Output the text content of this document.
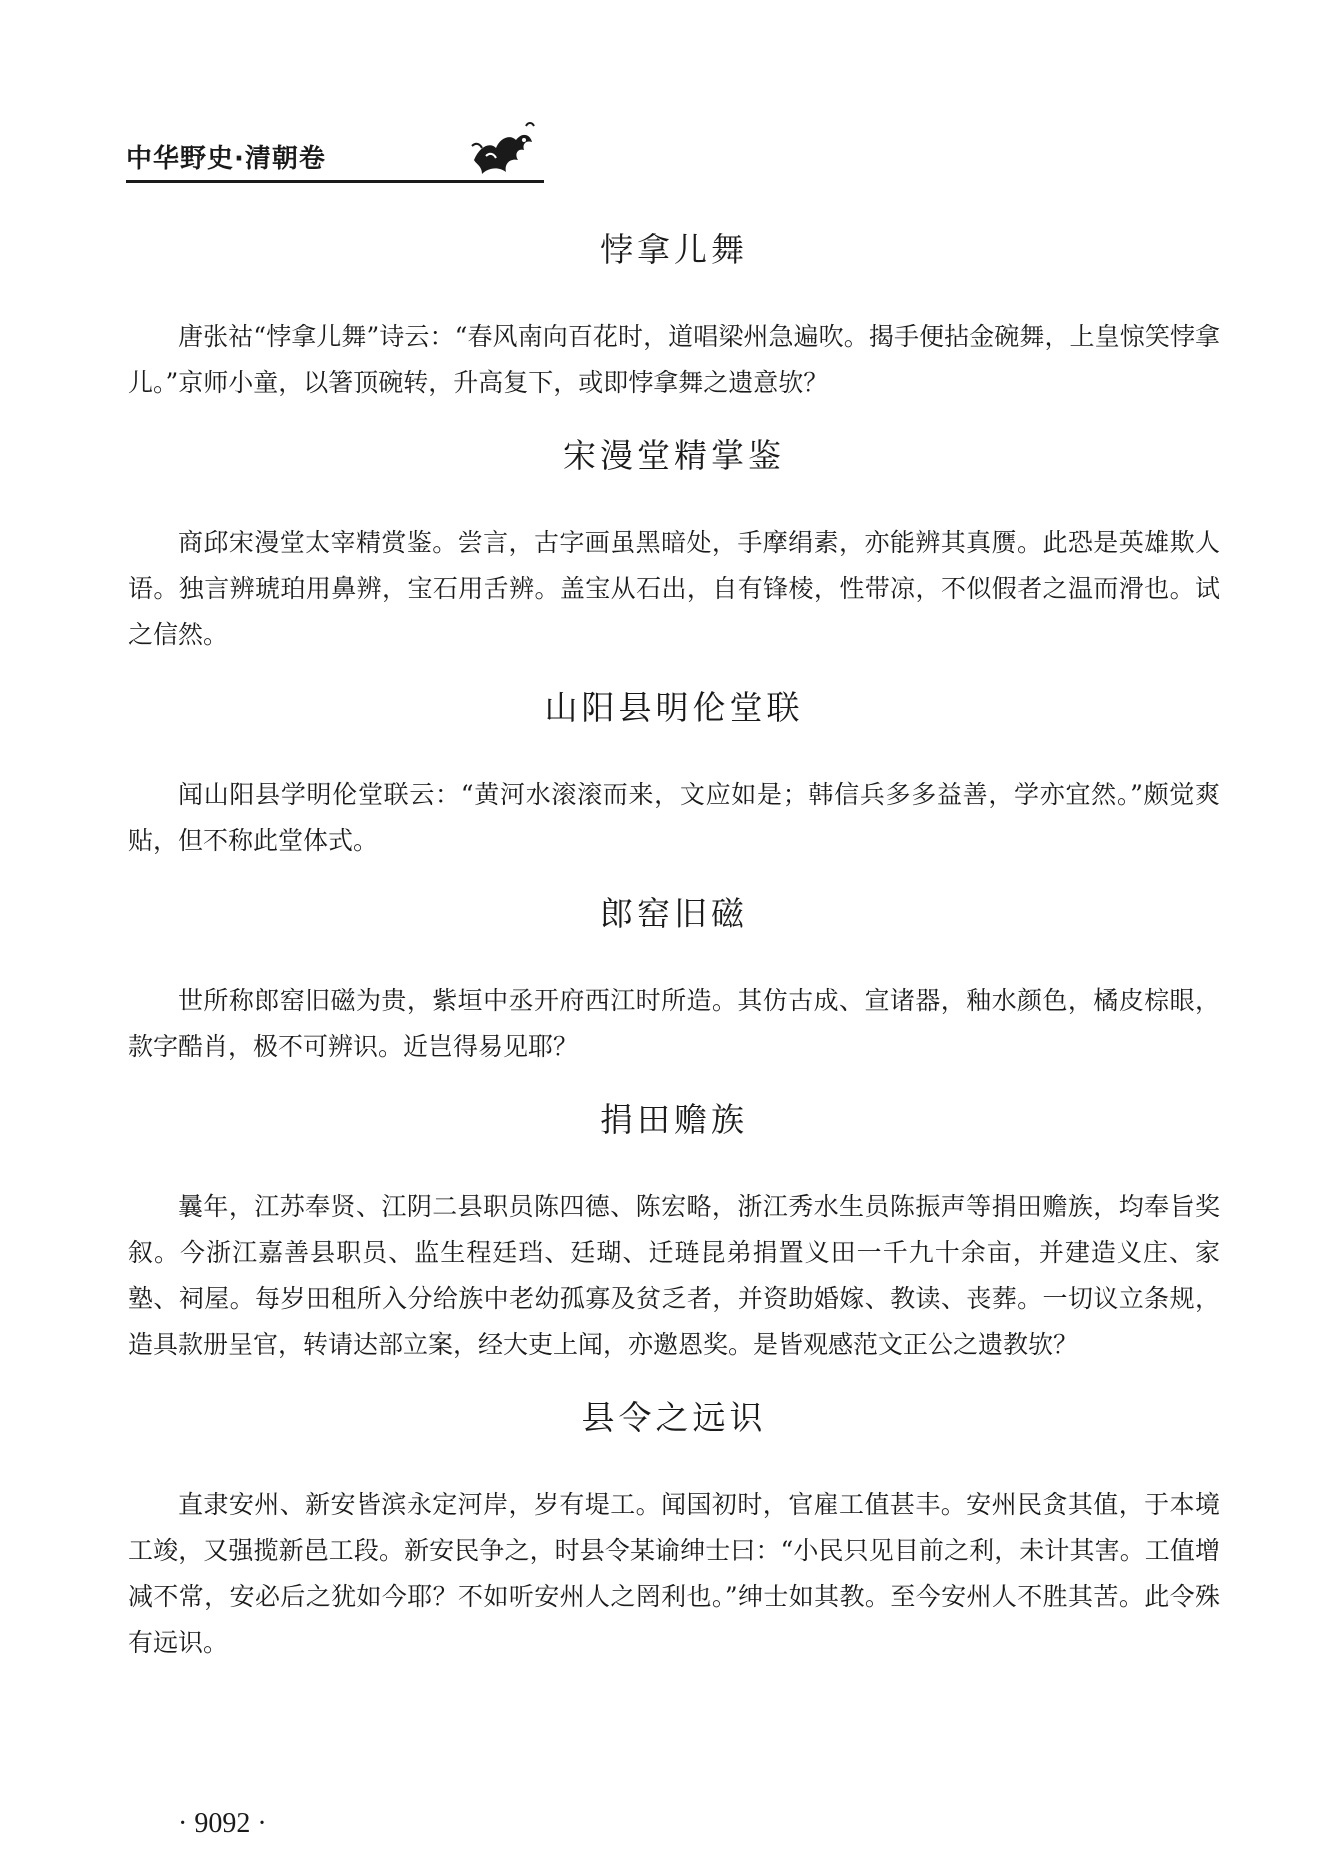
中华野史·清朝卷
悖拿儿舞

唐张祜“悖拿儿舞”诗云：“春风南向百花时，道唱梁州急遍吹。揭手便拈金碗舞，上皇惊笑悖拿儿。”京师小童，以箸顶碗转，升高复下，或即悖拿舞之遗意欤？

宋漫堂精掌鉴

商邱宋漫堂太宰精赏鉴。尝言，古字画虽黑暗处，手摩绢素，亦能辨其真赝。此恐是英雄欺人语。独言辨琥珀用鼻辨，宝石用舌辨。盖宝从石出，自有锋棱，性带凉，不似假者之温而滑也。试之信然。

山阳县明伦堂联

闻山阳县学明伦堂联云：“黄河水滚滚而来，文应如是；韩信兵多多益善，学亦宜然。”颇觉爽贴，但不称此堂体式。

郎窑旧磁

世所称郎窑旧磁为贵，紫垣中丞开府西江时所造。其仿古成、宣诸器，釉水颜色，橘皮棕眼，款字酷肖，极不可辨识。近岂得易见耶？

捐田赡族

曩年，江苏奉贤、江阴二县职员陈四德、陈宏略，浙江秀水生员陈振声等捐田赡族，均奉旨奖叙。今浙江嘉善县职员、监生程廷珰、廷瑚、迁琏昆弟捐置义田一千九十余亩，并建造义庄、家塾、祠屋。每岁田租所入分给族中老幼孤寡及贫乏者，并资助婚嫁、教读、丧葬。一切议立条规，造具款册呈官，转请达部立案，经大吏上闻，亦邀恩奖。是皆观感范文正公之遗教欤？

县令之远识

直隶安州、新安皆滨永定河岸，岁有堤工。闻国初时，官雇工值甚丰。安州民贪其值，于本境工竣，又强揽新邑工段。新安民争之，时县令某谕绅士曰：“小民只见目前之利，未计其害。工值增减不常，安必后之犹如今耶？不如听安州人之罔利也。”绅士如其教。至今安州人不胜其苦。此令殊有远识。

· 9092 ·
